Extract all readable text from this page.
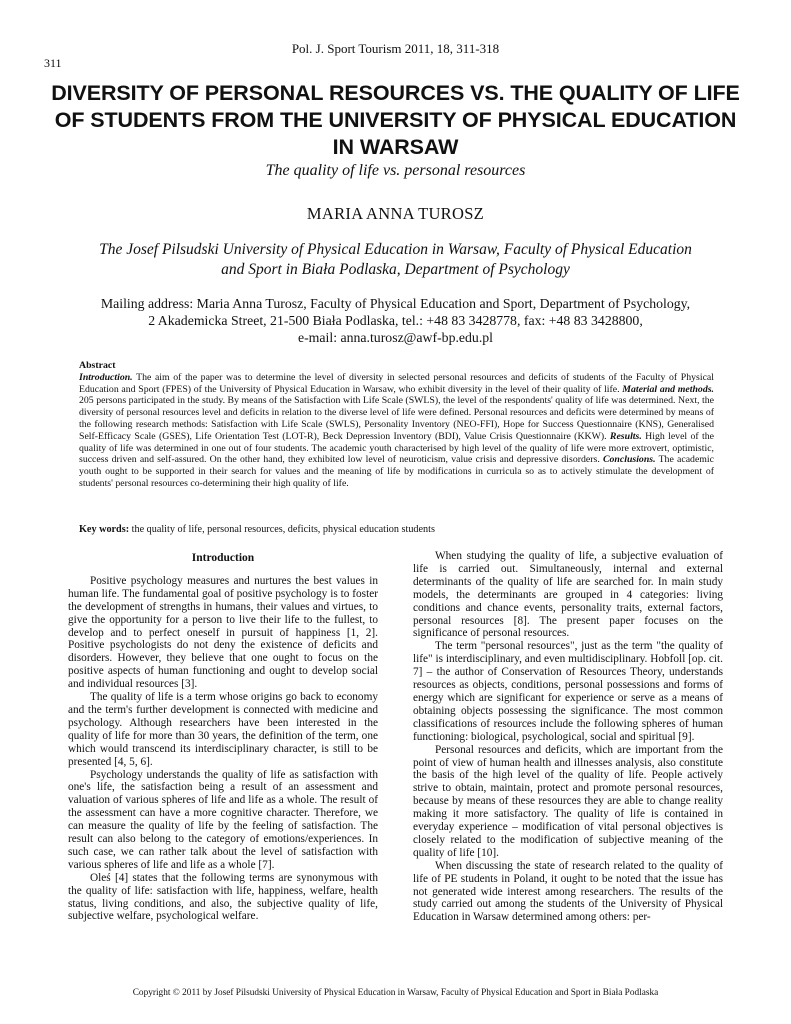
311
Pol. J. Sport Tourism 2011, 18, 311-318
DIVERSITY OF PERSONAL RESOURCES VS. THE QUALITY OF LIFE
OF STUDENTS FROM THE UNIVERSITY OF PHYSICAL EDUCATION
IN WARSAW
The quality of life vs. personal resources
MARIA ANNA TUROSZ
The Josef Pilsudski University of Physical Education in Warsaw, Faculty of Physical Education
and Sport in Biała Podlaska, Department of Psychology
Mailing address: Maria Anna Turosz, Faculty of Physical Education and Sport, Department of Psychology,
2 Akademicka Street, 21-500 Biała Podlaska, tel.: +48 83 3428778, fax: +48 83 3428800,
e-mail: anna.turosz@awf-bp.edu.pl
Abstract
Introduction. The aim of the paper was to determine the level of diversity in selected personal resources and deficits of students of the Faculty of Physical Education and Sport (FPES) of the University of Physical Education in Warsaw, who exhibit diversity in the level of their quality of life. Material and methods. 205 persons participated in the study. By means of the Satisfaction with Life Scale (SWLS), the level of the respondents' quality of life was determined. Next, the diversity of personal resources level and deficits in relation to the diverse level of life were defined. Personal resources and deficits were determined by means of the following research methods: Satisfaction with Life Scale (SWLS), Personality Inventory (NEO-FFI), Hope for Success Questionnaire (KNS), Generalised Self-Efficacy Scale (GSES), Life Orientation Test (LOT-R), Beck Depression Inventory (BDI), Value Crisis Questionnaire (KKW). Results. High level of the quality of life was determined in one out of four students. The academic youth characterised by high level of the quality of life were more extrovert, optimistic, success driven and self-assured. On the other hand, they exhibited low level of neuroticism, value crisis and depressive disorders. Conclusions. The academic youth ought to be supported in their search for values and the meaning of life by modifications in curricula so as to actively stimulate the development of students' personal resources co-determining their high quality of life.
Key words: the quality of life, personal resources, deficits, physical education students
Introduction

Positive psychology measures and nurtures the best values in human life. The fundamental goal of positive psychology is to foster the development of strengths in humans, their values and virtues, to give the opportunity for a person to live their life to the fullest, to develop and to perfect oneself in pursuit of happiness [1, 2]. Positive psychologists do not deny the existence of deficits and disorders. However, they believe that one ought to focus on the positive aspects of human functioning and ought to develop social and individual resources [3].

The quality of life is a term whose origins go back to economy and the term's further development is connected with medicine and psychology. Although researchers have been interested in the quality of life for more than 30 years, the definition of the term, one which would transcend its interdisciplinary character, is still to be presented [4, 5, 6].

Psychology understands the quality of life as satisfaction with one's life, the satisfaction being a result of an assessment and valuation of various spheres of life and life as a whole. The result of the assessment can have a more cognitive character. Therefore, we can measure the quality of life by the feeling of satisfaction. The result can also belong to the category of emotions/experiences. In such case, we can rather talk about the level of satisfaction with various spheres of life and life as a whole [7].

Oleś [4] states that the following terms are synonymous with the quality of life: satisfaction with life, happiness, welfare, health status, living conditions, and also, the subjective quality of life, subjective welfare, psychological welfare.

When studying the quality of life, a subjective evaluation of life is carried out. Simultaneously, internal and external determinants of the quality of life are searched for. In main study models, the determinants are grouped in 4 categories: living conditions and chance events, personality traits, external factors, personal resources [8]. The present paper focuses on the significance of personal resources.

The term "personal resources", just as the term "the quality of life" is interdisciplinary, and even multidisciplinary. Hobfoll [op. cit. 7] – the author of Conservation of Resources Theory, understands resources as objects, conditions, personal possessions and forms of energy which are significant for experience or serve as a means of obtaining objects possessing the significance. The most common classifications of resources include the following spheres of human functioning: biological, psychological, social and spiritual [9].

Personal resources and deficits, which are important from the point of view of human health and illnesses analysis, also constitute the basis of the high level of the quality of life. People actively strive to obtain, maintain, protect and promote personal resources, because by means of these resources they are able to change reality making it more satisfactory. The quality of life is contained in everyday experience – modification of vital personal objectives is closely related to the modification of subjective meaning of the quality of life [10].

When discussing the state of research related to the quality of life of PE students in Poland, it ought to be noted that the issue has not generated wide interest among researchers. The results of the study carried out among the students of the University of Physical Education in Warsaw determined among others: per-

Copyright © 2011 by Josef Pilsudski University of Physical Education in Warsaw, Faculty of Physical Education and Sport in Biała Podlaska
